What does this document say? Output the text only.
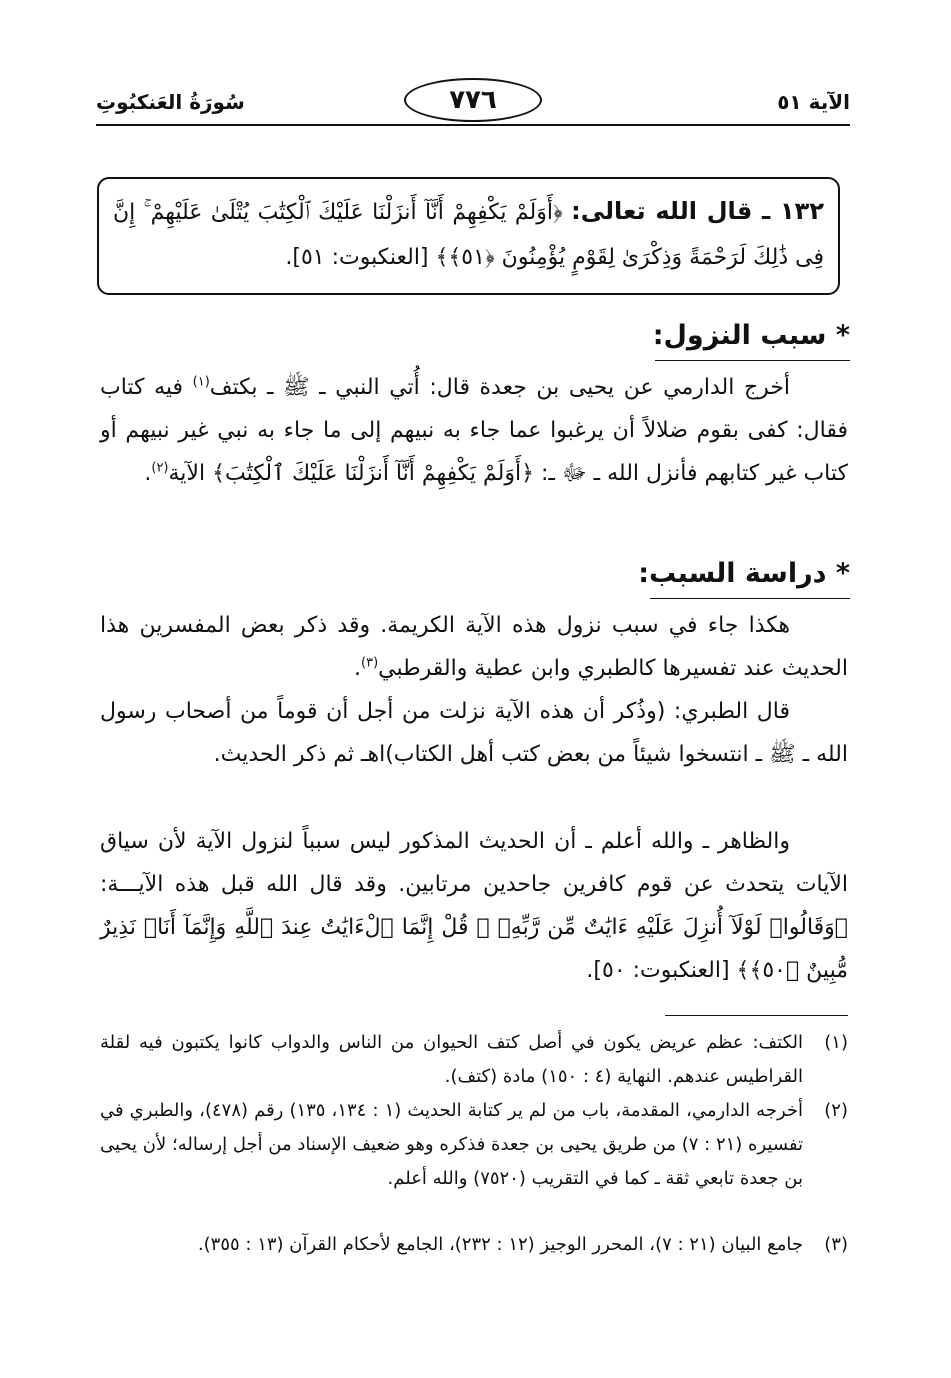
سُورَةُ العَنكبُوتِ	٧٧٦	الآية ٥١
١٣٢ ـ قال الله تعالى: ﴿أَوَلَمْ يَكْفِهِمْ أَنَّآ أَنزَلْنَا عَلَيْكَ ٱلْكِتَٰبَ يُتْلَىٰ عَلَيْهِمْ ۚ إِنَّ فِى ذَٰلِكَ لَرَحْمَةً وَذِكْرَىٰ لِقَوْمٍ يُؤْمِنُونَ ﴿٥١﴾﴾ [العنكبوت: ٥١].
* سبب النزول:
أخرج الدارمي عن يحيى بن جعدة قال: أُتي النبي ـ ﷺ ـ بكتف$^{(١)}$ فيه كتاب فقال: كفى بقوم ضلالاً أن يرغبوا عما جاء به نبيهم إلى ما جاء به نبي غير نبيهم أو كتاب غير كتابهم فأنزل الله ـ ﷻ ـ: ﴿أَوَلَمْ يَكْفِهِمْ أَنَّآ أَنزَلْنَا عَلَيْكَ ٱلْكِتَٰبَ﴾ الآية$^{(٢)}$.
* دراسة السبب:
هكذا جاء في سبب نزول هذه الآية الكريمة. وقد ذكر بعض المفسرين هذا الحديث عند تفسيرها كالطبري وابن عطية والقرطبي$^{(٣)}$.
قال الطبري: (وذُكر أن هذه الآية نزلت من أجل أن قوماً من أصحاب رسول الله ـ ﷺ ـ انتسخوا شيئاً من بعض كتب أهل الكتاب)اهـ ثم ذكر الحديث.
والظاهر ـ والله أعلم ـ أن الحديث المذكور ليس سبباً لنزول الآية لأن سياق الآيات يتحدث عن قوم كافرين جاحدين مرتابين. وقد قال الله قبل هذه الآيـــة: ﴿وَقَالُوا۟ لَوْلَآ أُنزِلَ عَلَيْهِ ءَايَٰتٌ مِّن رَّبِّهِۦ ۖ قُلْ إِنَّمَا ٱلْءَايَٰتُ عِندَ ٱللَّهِ وَإِنَّمَآ أَنَا۠ نَذِيرٌ مُّبِينٌ ﴿٥٠﴾﴾ [العنكبوت: ٥٠].
(١)
الكتف: عظم عريض يكون في أصل كتف الحيوان من الناس والدواب كانوا يكتبون فيه لقلة القراطيس عندهم. النهاية (٤ : ١٥٠) مادة (كتف).
(٢)
أخرجه الدارمي، المقدمة، باب من لم ير كتابة الحديث (١ : ١٣٤، ١٣٥) رقم (٤٧٨)، والطبري في تفسيره (٢١ : ٧) من طريق يحيى بن جعدة فذكره وهو ضعيف الإسناد من أجل إرساله؛ لأن يحيى بن جعدة تابعي ثقة ـ كما في التقريب (٧٥٢٠) والله أعلم.
(٣)
جامع البيان (٢١ : ٧)، المحرر الوجيز (١٢ : ٢٣٢)، الجامع لأحكام القرآن (١٣ : ٣٥٥).
